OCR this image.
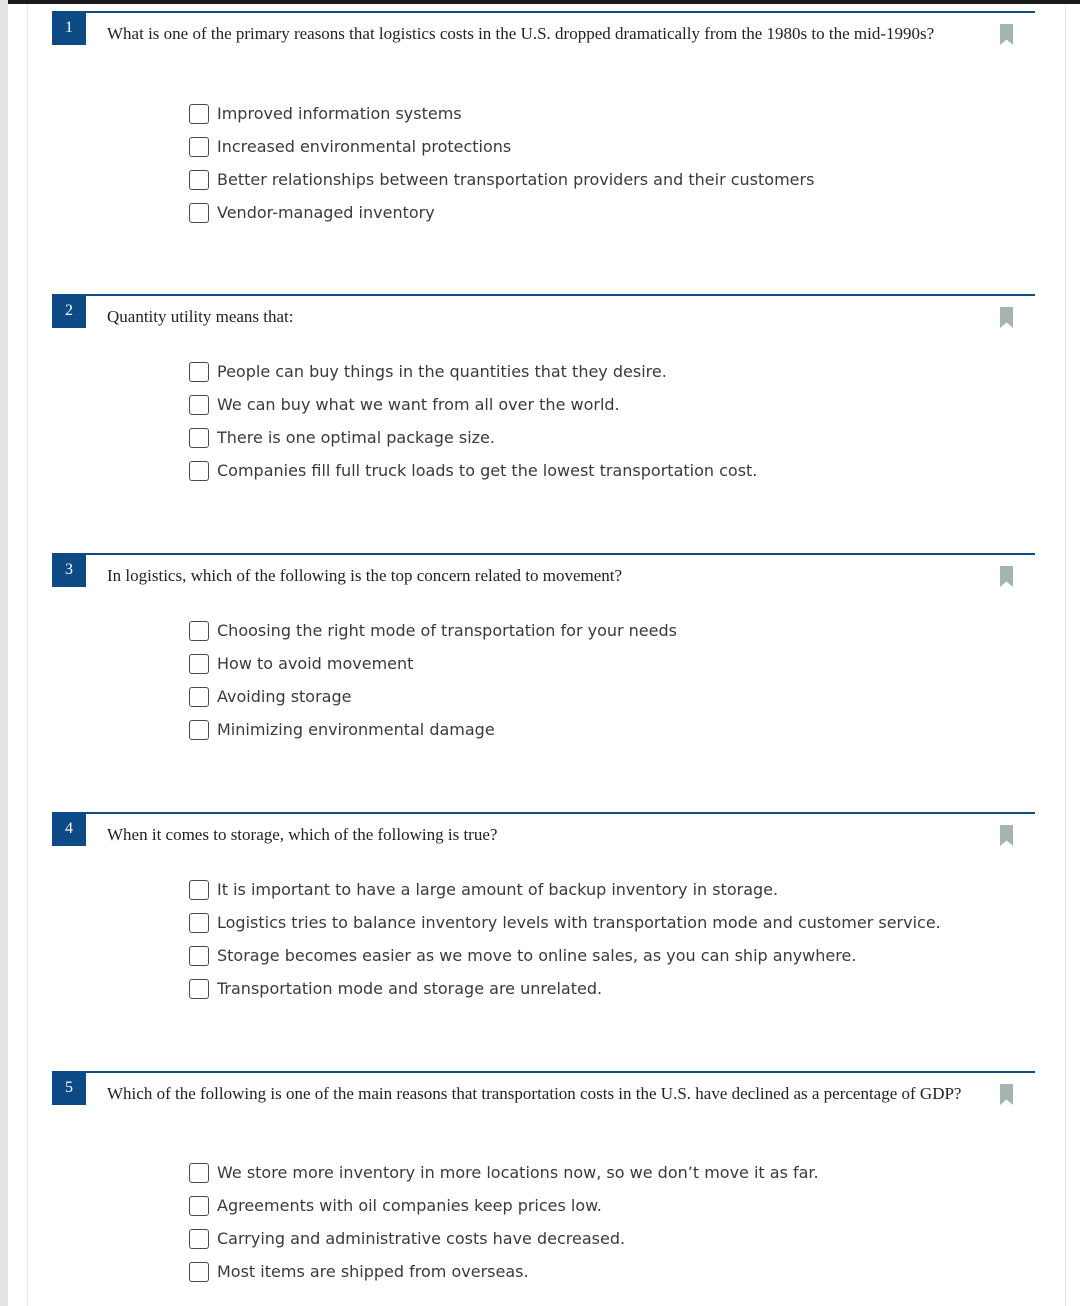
1	What is one of the primary reasons that logistics costs in the U.S. dropped dramatically from the 1980s to the mid-1990s?

Improved information systems
Increased environmental protections
Better relationships between transportation providers and their customers
Vendor-managed inventory
2	Quantity utility means that:

People can buy things in the quantities that they desire.
We can buy what we want from all over the world.
There is one optimal package size.
Companies fill full truck loads to get the lowest transportation cost.
3	In logistics, which of the following is the top concern related to movement?

Choosing the right mode of transportation for your needs
How to avoid movement
Avoiding storage
Minimizing environmental damage
4	When it comes to storage, which of the following is true?

It is important to have a large amount of backup inventory in storage.
Logistics tries to balance inventory levels with transportation mode and customer service.
Storage becomes easier as we move to online sales, as you can ship anywhere.
Transportation mode and storage are unrelated.
5	Which of the following is one of the main reasons that transportation costs in the U.S. have declined as a percentage of GDP?

We store more inventory in more locations now, so we don’t move it as far.
Agreements with oil companies keep prices low.
Carrying and administrative costs have decreased.
Most items are shipped from overseas.
